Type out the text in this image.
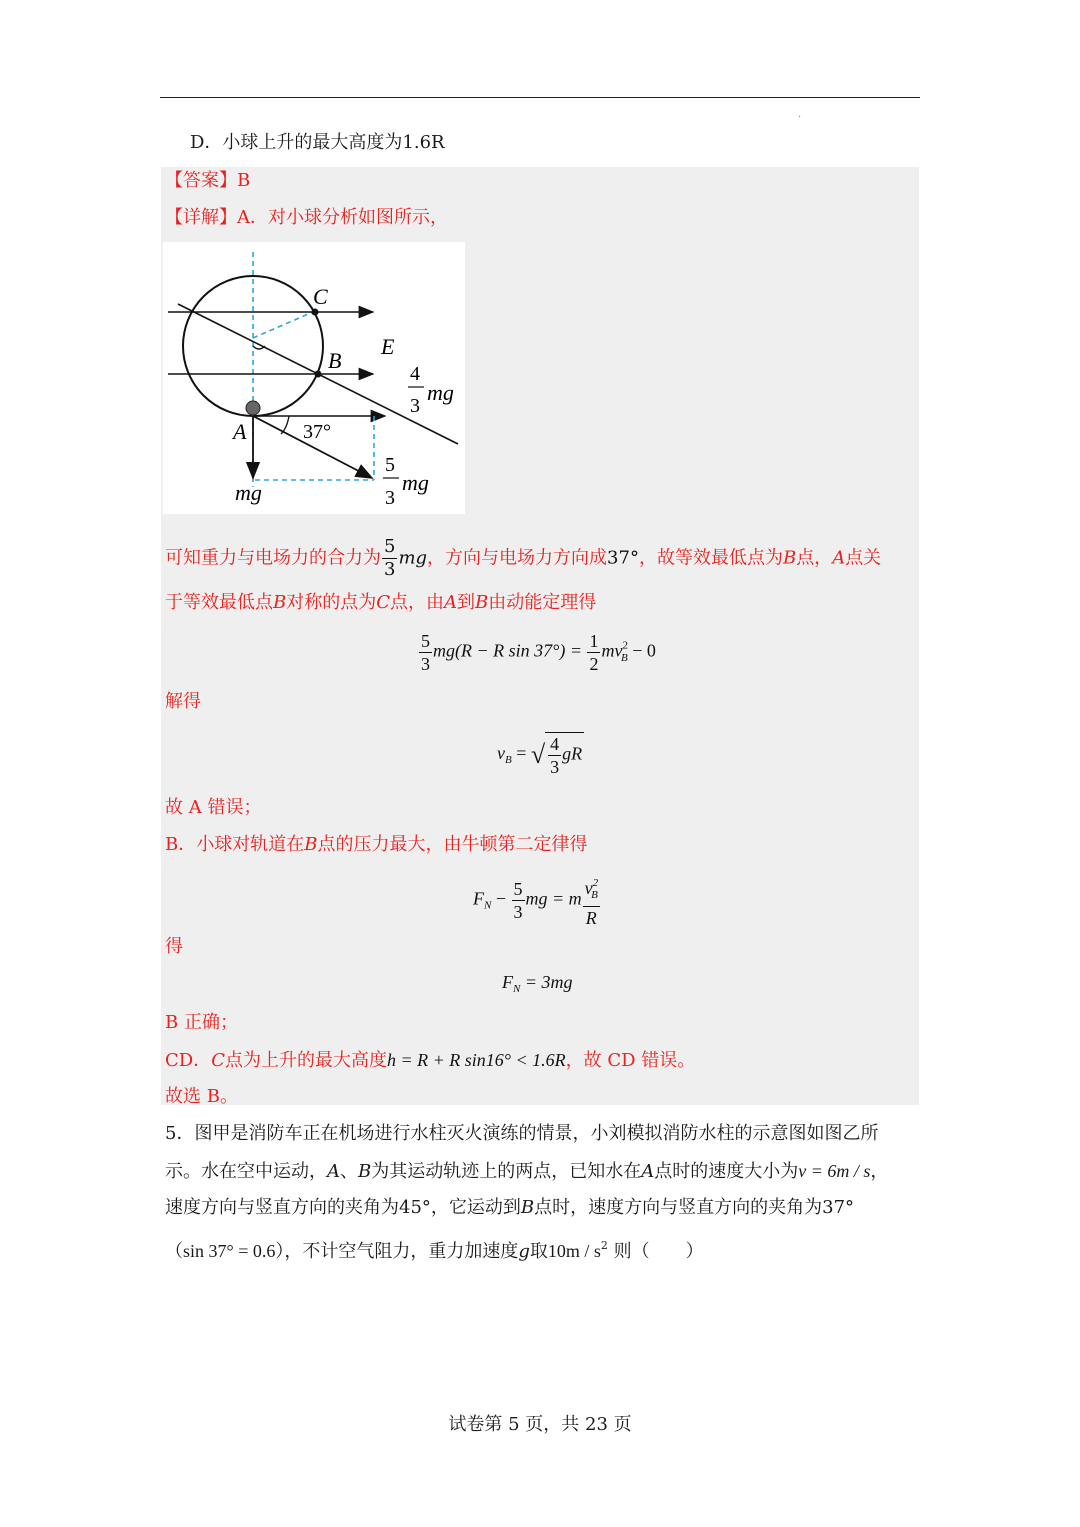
·
D．小球上升的最大高度为1.6R
【答案】B
【详解】A．对小球分析如图所示，
C
B
E
A	37°
mg
4
3
mg
5
3
mg
可知重力与电场力的合力为 $\frac{5}{3}$ mg，方向与电场力方向成37°，故等效最低点为B点，A点关
于等效最低点B对称的点为C点，由A到B由动能定理得
$\frac{5}{3} mg(R - R$ $\sin 37^\circ) = \frac{1}{2} mv^2_B - 0$
解得
$v_B$ = √ $\frac{4}{3}$ gR
故 A 错误；
B．小球对轨道在B点的压力最大，由牛顿第二定律得
$F_N - \frac{5}{3}$ mg = m $\frac{v^2_B}{R}$
得
$F_N = 3mg$
B 正确；
CD．C点为上升的最大高度h = R + R sin16° < 1.6R，故 CD 错误。
故选 B。
5．图甲是消防车正在机场进行水柱灭火演练的情景，小刘模拟消防水柱的示意图如图乙所
示。水在空中运动，A、B为其运动轨迹上的两点，已知水在A点时的速度大小为v = 6m / s，
速度方向与竖直方向的夹角为45°，它运动到B点时，速度方向与竖直方向的夹角为37°
（sin 37° = 0.6），不计空气阻力，重力加速度g取$10m / s^2$ 则（　　）
试卷第 5 页，共 23 页
